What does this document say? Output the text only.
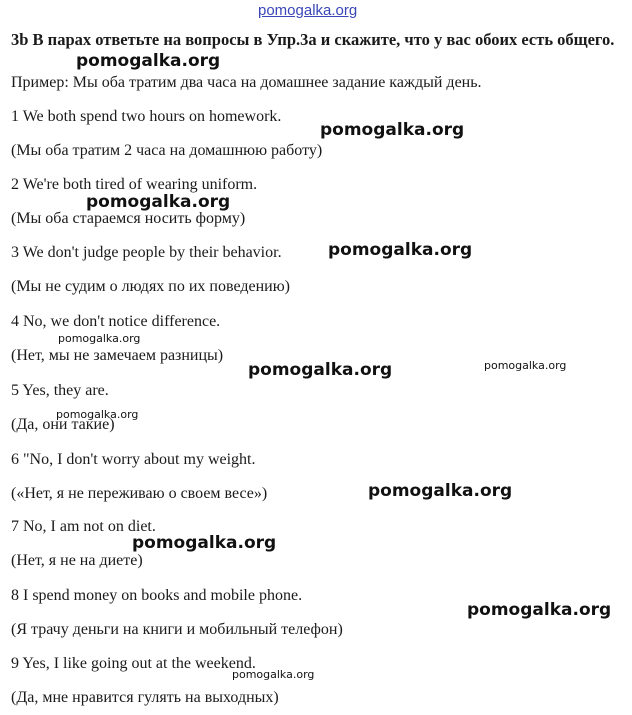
pomogalka.org
3b В парах ответьте на вопросы в Упр.3а и скажите, что у вас обоих есть общего.
Пример: Мы оба тратим два часа на домашнее задание каждый день.
1 We both spend two hours on homework.
(Мы оба тратим 2 часа на домашнюю работу)
2 We're both tired of wearing uniform.
(Мы оба стараемся носить форму)
3 We don't judge people by their behavior.
(Мы не судим о людях по их поведению)
4 No, we don't notice difference.
(Нет, мы не замечаем разницы)
5 Yes, they are.
(Да, они такие)
6 "No, I don't worry about my weight.
(«Нет, я не переживаю о своем весе»)
7 No, I am not on diet.
(Нет, я не на диете)
8 I spend money on books and mobile phone.
(Я трачу деньги на книги и мобильный телефон)
9 Yes, I like going out at the weekend.
(Да, мне нравится гулять на выходных)
pomogalka.org
pomogalka.org
pomogalka.org
pomogalka.org
pomogalka.org
pomogalka.org	pomogalka.org
pomogalka.org
pomogalka.org
pomogalka.org
pomogalka.org
pomogalka.org
